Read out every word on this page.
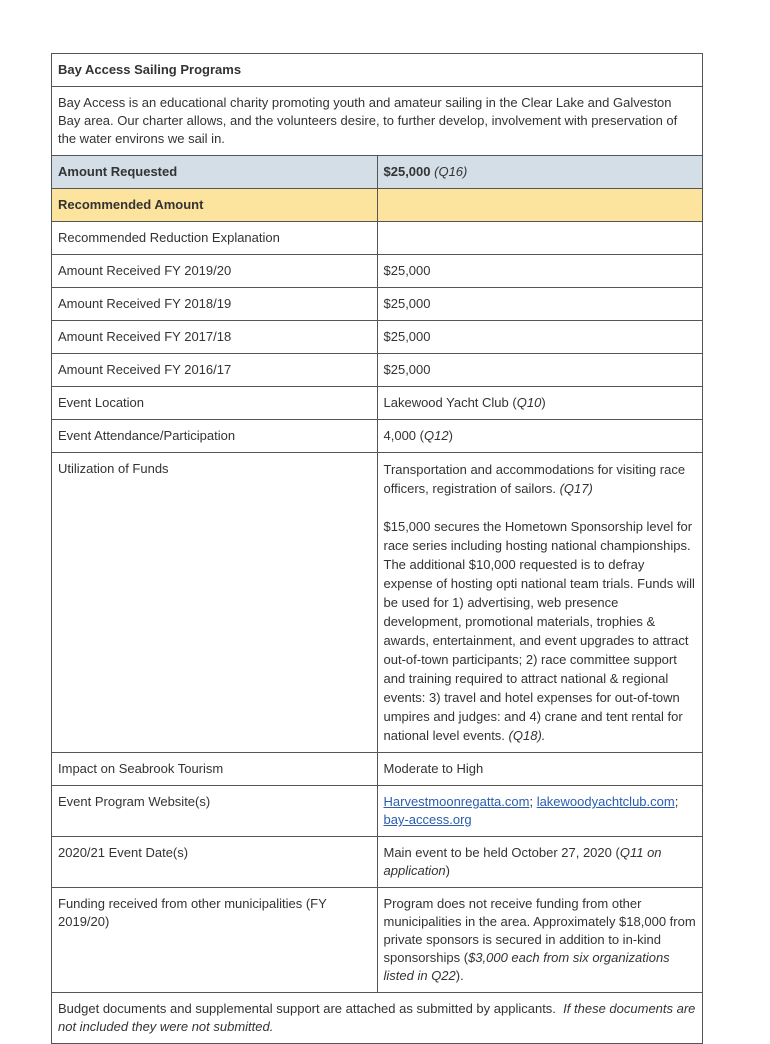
Bay Access Sailing Programs	
Bay Access is an educational charity promoting youth and amateur sailing in the Clear Lake and Galveston Bay area. Our charter allows, and the volunteers desire, to further develop, involvement with preservation of the water environs we sail in.	
Amount Requested	$25,000 (Q16)
Recommended Amount	
Recommended Reduction Explanation	
Amount Received FY 2019/20	$25,000
Amount Received FY 2018/19	$25,000
Amount Received FY 2017/18	$25,000
Amount Received FY 2016/17	$25,000
Event Location	Lakewood Yacht Club (Q10)
Event Attendance/Participation	4,000 (Q12)
Utilization of Funds	Transportation and accommodations for visiting race officers, registration of sailors. (Q17)
$15,000 secures the Hometown Sponsorship level for race series including hosting national championships. The additional $10,000 requested is to defray expense of hosting opti national team trials. Funds will be used for 1) advertising, web presence development, promotional materials, trophies & awards, entertainment, and event upgrades to attract out-of-town participants; 2) race committee support and training required to attract national & regional events: 3) travel and hotel expenses for out-of-town umpires and judges: and 4) crane and tent rental for national level events. (Q18).

Impact on Seabrook Tourism	Moderate to High
Event Program Website(s)	Harvestmoonregatta.com; lakewoodyachtclub.com; bay-access.org
2020/21 Event Date(s)	Main event to be held October 27, 2020 (Q11 on application)
Funding received from other municipalities (FY 2019/20)	Program does not receive funding from other municipalities in the area. Approximately $18,000 from private sponsors is secured in addition to in-kind sponsorships ($3,000 each from six organizations listed in Q22).
Budget documents and supplemental support are attached as submitted by applicants. If these documents are not included they were not submitted.	
